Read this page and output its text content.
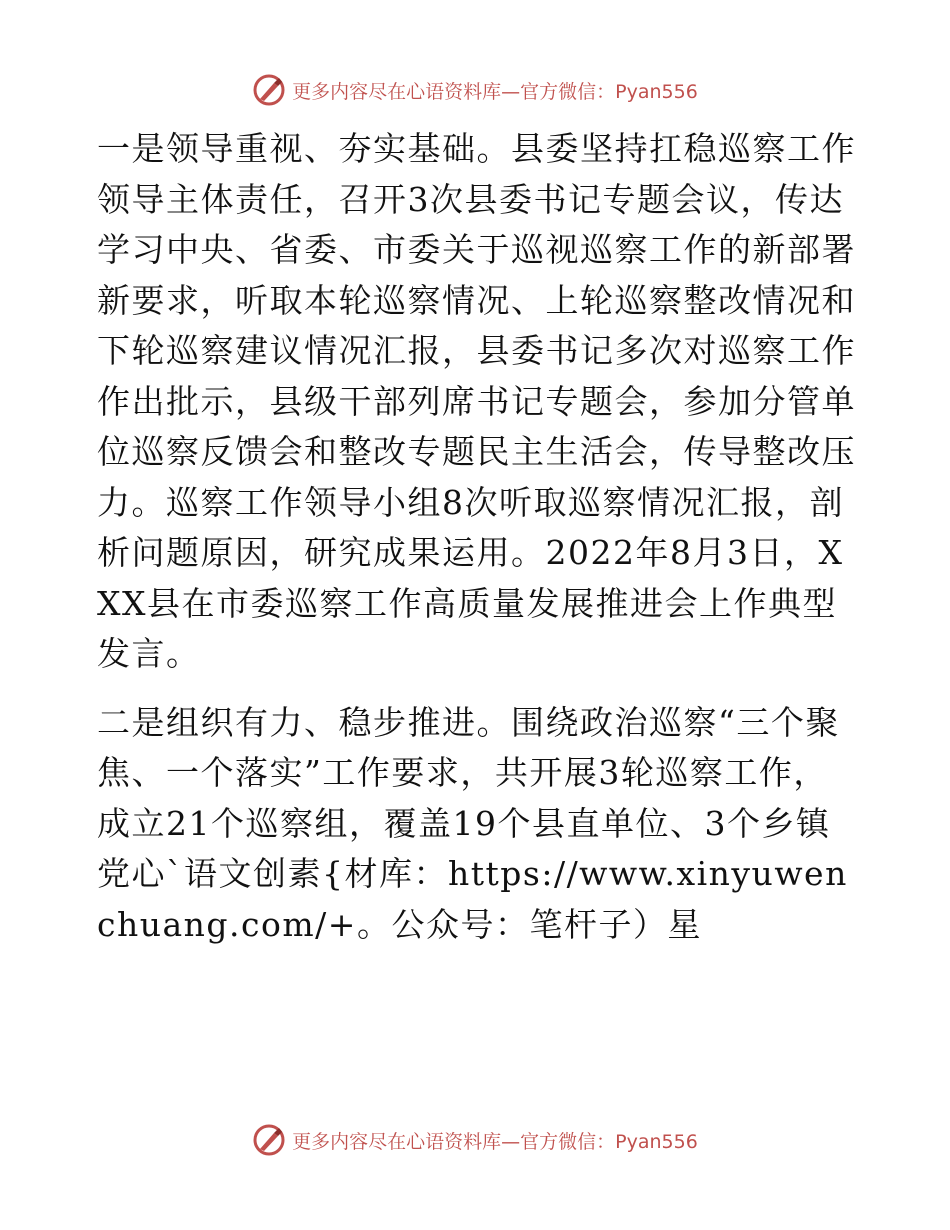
更多内容尽在心语资料库—官方微信：Pyan556

一是领导重视、夯实基础。县委坚持扛稳巡察工作领导主体责任，召开3次县委书记专题会议，传达学习中央、省委、市委关于巡视巡察工作的新部署新要求，听取本轮巡察情况、上轮巡察整改情况和下轮巡察建议情况汇报，县委书记多次对巡察工作作出批示，县级干部列席书记专题会，参加分管单位巡察反馈会和整改专题民主生活会，传导整改压力。巡察工作领导小组8次听取巡察情况汇报，剖析问题原因，研究成果运用。2022年8月3日，XXX县在市委巡察工作高质量发展推进会上作典型发言。

二是组织有力、稳步推进。围绕政治巡察“三个聚焦、一个落实”工作要求，共开展3轮巡察工作，成立21个巡察组，覆盖19个县直单位、3个乡镇党心`语文创素{材库：https://www.xinyuwenchuang.com/+。公众号：笔杆子）星

更多内容尽在心语资料库—官方微信：Pyan556
